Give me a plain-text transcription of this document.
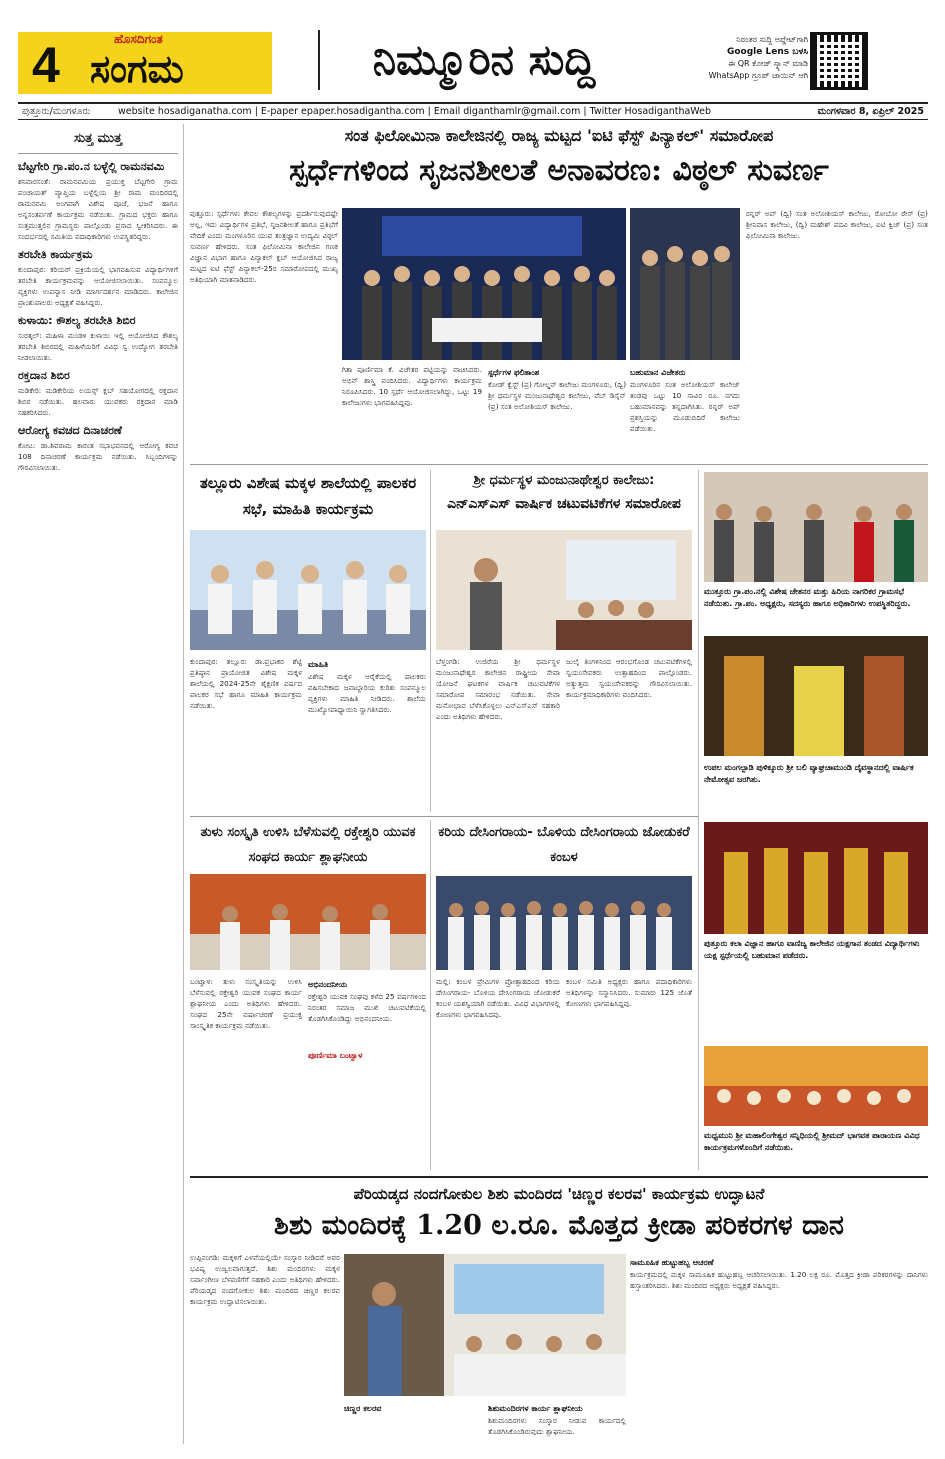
4	ಹೊಸದಿಗಂತ
ಸಂಗಮ	ನಿಮ್ಮೂರಿನ ಸುದ್ದಿ	ನಿರಂತರ ಸುದ್ದಿ ಅಪ್ಡೇಟ್‌ಗಾಗಿ
Google Lens ಬಳಸಿ
ಈ QR ಕೋಡ್ ಸ್ಕ್ಯಾನ್ ಮಾಡಿ
WhatsApp ಗ್ರೂಪ್ ಜಾಯಿನ್ ಆಗಿ
ಪುತ್ತೂರು/ಮಂಗಳೂರು	website hosadiganatha.com | E-paper epaper.hosadigantha.com | Email diganthamlr@gmail.com | Twitter HosadiganthaWeb	ಮಂಗಳವಾರ 8, ಏಪ್ರಿಲ್ 2025
ಸುತ್ತ ಮುತ್ತ
ಬೆಟ್ಟಗೇರಿ ಗ್ರಾ.ಪಂ.ನ ಬಳ್ಳೆಲ್ಲಿ ರಾಮನವಮಿ
ಶನಿವಾರಸಂತೆ: ರಾಮನವಮಿಯ ಪ್ರಯುಕ್ತ ಬೆಟ್ಟಗೇರಿ ಗ್ರಾಮ ಪಂಚಾಯತ್ ವ್ಯಾಪ್ತಿಯ ಬಳ್ಳೆಲ್ಲಿಯ ಶ್ರೀ ರಾಮ ಮಂದಿರದಲ್ಲಿ ರಾಮನವಮಿ ಅಂಗವಾಗಿ ವಿಶೇಷ ಪೂಜೆ, ಭಜನೆ ಹಾಗೂ ಅನ್ನಸಂತರ್ಪಣೆ ಕಾರ್ಯಕ್ರಮ ನಡೆಯಿತು. ಗ್ರಾಮದ ಭಕ್ತರು ಹಾಗೂ ಸುತ್ತಮುತ್ತಲಿನ ಗ್ರಾಮಸ್ಥರು ಪಾಲ್ಗೊಂಡು ಪ್ರಸಾದ ಸ್ವೀಕರಿಸಿದರು. ಈ ಸಂದರ್ಭದಲ್ಲಿ ಸಮಿತಿಯ ಪದಾಧಿಕಾರಿಗಳು ಉಪಸ್ಥಿತರಿದ್ದರು.
ತರಬೇತಿ ಕಾರ್ಯಕ್ರಮ
ಕುಂದಾಪುರ: ಕರಿಯರ್ ಪ್ರಕ್ರಿಯೆಯಲ್ಲಿ ಭಾಗವಹಿಸುವ ವಿದ್ಯಾರ್ಥಿಗಳಿಗೆ ತರಬೇತಿ ಕಾರ್ಯಕ್ರಮವನ್ನು ಆಯೋಜಿಸಲಾಯಿತು. ಸಂಪನ್ಮೂಲ ವ್ಯಕ್ತಿಗಳು ಉಪನ್ಯಾಸ ನೀಡಿ ಮಾರ್ಗದರ್ಶನ ಮಾಡಿದರು. ಕಾಲೇಜಿನ ಪ್ರಾಂಶುಪಾಲರು ಅಧ್ಯಕ್ಷತೆ ವಹಿಸಿದ್ದರು.
ಕುಳಾಯಿ: ಕೌಶಲ್ಯ ತರಬೇತಿ ಶಿಬಿರ
ಸುರತ್ಕಲ್: ಮಹಿಳಾ ಮಂಡಳಿ ಕುಳಾಯಿ ಇಲ್ಲಿ ಆಯೋಜಿಸಿದ ಕೌಶಲ್ಯ ತರಬೇತಿ ಶಿಬಿರದಲ್ಲಿ ಮಹಿಳೆಯರಿಗೆ ವಿವಿಧ ಸ್ವ ಉದ್ಯೋಗ ತರಬೇತಿ ನೀಡಲಾಯಿತು.
ರಕ್ತದಾನ ಶಿಬಿರ
ಮಡಿಕೇರಿ: ಮಡಿಕೇರಿಯ ಲಯನ್ಸ್ ಕ್ಲಬ್ ಸಹಯೋಗದಲ್ಲಿ ರಕ್ತದಾನ ಶಿಬಿರ ನಡೆಯಿತು. ಹಲವಾರು ಯುವಕರು ರಕ್ತದಾನ ಮಾಡಿ ಸಹಕರಿಸಿದರು.
ಆರೋಗ್ಯ ಕವಚದ ದಿನಾಚರಣೆ
ಕೋಟ: ಡಾ.ಶಿವರಾಮ ಕಾರಂತ ಸಭಾಭವನದಲ್ಲಿ ಆರೋಗ್ಯ ಕವಚ 108 ದಿನಾಚರಣೆ ಕಾರ್ಯಕ್ರಮ ನಡೆಯಿತು. ಸಿಬ್ಬಂದಿಗಳನ್ನು ಗೌರವಿಸಲಾಯಿತು.
ಸಂತ ಫಿಲೋಮಿನಾ ಕಾಲೇಜಿನಲ್ಲಿ ರಾಜ್ಯ ಮಟ್ಟದ 'ಐಟಿ ಫೆಸ್ಟ್ ಪಿನ್ಯಾಕಲ್' ಸಮಾರೋಪ
ಸ್ಪರ್ಧೆಗಳಿಂದ ಸೃಜನಶೀಲತೆ ಅನಾವರಣ: ವಿಠ್ಠಲ್ ಸುವರ್ಣ
ಪುತ್ತೂರು: ಸ್ಪರ್ಧೆಗಳು ಕೇವಲ ಕೌಶಲ್ಯಗಳನ್ನು ಪ್ರದರ್ಶಿಸುವುದಷ್ಟೇ ಅಲ್ಲ, ಇದು ವಿದ್ಯಾರ್ಥಿಗಳ ಪ್ರತಿಭೆ, ಸೃಜನಶೀಲತೆ ಹಾಗೂ ಪ್ರತಿಭೆಗೆ ವೇದಿಕೆ ಎಂದು ಮಂಗಳೂರಿನ ಯುವ ತಂತ್ರಜ್ಞಾನ ಉದ್ಯಮಿ ವಿಠ್ಠಲ್ ಸುವರ್ಣ ಹೇಳಿದರು. ಸಂತ ಫಿಲೋಮಿನಾ ಕಾಲೇಜಿನ ಗಣಕ ವಿಜ್ಞಾನ ವಿಭಾಗ ಹಾಗೂ ಪಿನ್ಯಾಕಲ್ ಕ್ಲಬ್ ಆಯೋಜಿಸಿದ ರಾಜ್ಯ ಮಟ್ಟದ ಐಟಿ ಫೆಸ್ಟ್ ಪಿನ್ಯಾಕಲ್-25ರ ಸಮಾರೋಪದಲ್ಲಿ ಮುಖ್ಯ ಅತಿಥಿಯಾಗಿ ಮಾತನಾಡಿದರು.
ಗಿತಾ ಪೂರ್ಣಿಮಾ ಕೆ. ವಿಜೇತರ ಪಟ್ಟಿಯನ್ನು ವಾಚಿಸಿದರು. ಅಭಿನ್ ಶಾಸ್ತ್ರಿ ವಂದಿಸಿದರು. ವಿದ್ಯಾರ್ಥಿಗಳು ಕಾರ್ಯಕ್ರಮ ನಿರೂಪಿಸಿದರು. 10 ಸ್ಪರ್ಧೆ ಆಯೋಜಿಸಲಾಗಿದ್ದು, ಒಟ್ಟು 19 ಕಾಲೇಜುಗಳು ಭಾಗವಹಿಸಿದ್ದವು.
ಸ್ಪರ್ಧೆಗಳ ಫಲಿತಾಂಶ
ಕೋಡ್ ಕ್ವೆಸ್ಟ್ (ಪ್ರ) ಗೋಲ್ಡನ್ ಕಾಲೇಜು ಮಂಗಳೂರು, (ದ್ವಿ) ಶ್ರೀ ಧರ್ಮಸ್ಥಳ ಮಂಜುನಾಥೇಶ್ವರ ಕಾಲೇಜು, ವೆಬ್ ಡಿಸೈನ್ (ಪ್ರ) ಸಂತ ಅಲೋಶಿಯಸ್ ಕಾಲೇಜು.
ಬಹುಮಾನ ವಿಜೇತರು
ಮಂಗಳೂರಿನ ಸಂತ ಅಲೋಶಿಯಸ್ ಕಾಲೇಜ್ ತಂಡವು ಒಟ್ಟು 10 ಸಾವಿರ ರೂ. ನಗದು ಬಹುಮಾನವನ್ನು ತನ್ನದಾಗಿಸಿತು. ರನ್ನರ್ ಅಪ್ ಪ್ರಶಸ್ತಿಯನ್ನು ಮೂಡುಬಿದಿರೆ ಕಾಲೇಜು ಪಡೆಯಿತು.
ರನ್ನರ್ ಅಪ್ (ದ್ವಿ) ಸಂತ ಅಲೋಶಿಯಸ್ ಕಾಲೇಜು, ರೋಬೋ ರೇಸ್ (ಪ್ರ) ಶ್ರೀನಿವಾಸ ಕಾಲೇಜು, (ದ್ವಿ) ಮಹೇಶ್ ಪದವಿ ಕಾಲೇಜು, ಐಟಿ ಕ್ವಿಜ್ (ಪ್ರ) ಸಂತ ಫಿಲೋಮಿನಾ ಕಾಲೇಜು.
ತಲ್ಲೂರು ವಿಶೇಷ ಮಕ್ಕಳ ಶಾಲೆಯಲ್ಲಿ ಪಾಲಕರ ಸಭೆ, ಮಾಹಿತಿ ಕಾರ್ಯಕ್ರಮ
ಕುಂದಾಪುರ: ತಲ್ಲೂರು ಡಾ.ಪ್ರಭಾಕರ ಶೆಟ್ಟಿ ಪ್ರತಿಷ್ಠಾನ ಪ್ರಾಯೋಜಿತ ವಿಶೇಷ ಮಕ್ಕಳ ಶಾಲೆಯಲ್ಲಿ 2024-25ನೇ ಶೈಕ್ಷಣಿಕ ವರ್ಷದ ಪಾಲಕರ ಸಭೆ ಹಾಗೂ ಮಾಹಿತಿ ಕಾರ್ಯಕ್ರಮ ನಡೆಯಿತು.
ಮಾಹಿತಿ
ವಿಶೇಷ ಮಕ್ಕಳ ಆರೈಕೆಯಲ್ಲಿ ಪಾಲಕರು ವಹಿಸಬೇಕಾದ ಜವಾಬ್ದಾರಿಯ ಕುರಿತು ಸಂಪನ್ಮೂಲ ವ್ಯಕ್ತಿಗಳು ಮಾಹಿತಿ ನೀಡಿದರು. ಶಾಲೆಯ ಮುಖ್ಯೋಪಾಧ್ಯಾಯಿನಿ ಸ್ವಾಗತಿಸಿದರು.
ಶ್ರೀ ಧರ್ಮಸ್ಥಳ ಮಂಜುನಾಥೇಶ್ವರ ಕಾಲೇಜು:
ಎನ್ಎಸ್ಎಸ್ ವಾರ್ಷಿಕ ಚಟುವಟಿಕೆಗಳ ಸಮಾರೋಪ
ಬೆಳ್ತಂಗಡಿ: ಉಜಿರೆಯ ಶ್ರೀ ಧರ್ಮಸ್ಥಳ ಮಂಜುನಾಥೇಶ್ವರ ಕಾಲೇಜಿನ ರಾಷ್ಟ್ರೀಯ ಸೇವಾ ಯೋಜನೆ ಘಟಕಗಳ ವಾರ್ಷಿಕ ಚಟುವಟಿಕೆಗಳ ಸಮಾರೋಪ ಸಮಾರಂಭ ನಡೆಯಿತು. ಸೇವಾ ಮನೋಭಾವ ಬೆಳೆಸಿಕೊಳ್ಳಲು ಎನ್ಎಸ್ಎಸ್ ಸಹಕಾರಿ ಎಂದು ಅತಿಥಿಗಳು ಹೇಳಿದರು.
ಜುಲೈ ತಿಂಗಳಿನಿಂದ ಆರಂಭಗೊಂಡ ಚಟುವಟಿಕೆಗಳಲ್ಲಿ ಸ್ವಯಂಸೇವಕರು ಉತ್ಸಾಹದಿಂದ ಪಾಲ್ಗೊಂಡರು. ಅತ್ಯುತ್ತಮ ಸ್ವಯಂಸೇವಕರನ್ನು ಗೌರವಿಸಲಾಯಿತು. ಕಾರ್ಯಕ್ರಮಾಧಿಕಾರಿಗಳು ವಂದಿಸಿದರು.
ಮುತ್ತೂರು ಗ್ರಾ.ಪಂ.ನಲ್ಲಿ ವಿಶೇಷ ಚೇತನರ ಮತ್ತು ಹಿರಿಯ ನಾಗರಿಕರ ಗ್ರಾಮಸಭೆ ನಡೆಯಿತು. ಗ್ರಾ.ಪಂ. ಅಧ್ಯಕ್ಷರು, ಸದಸ್ಯರು ಹಾಗೂ ಅಧಿಕಾರಿಗಳು ಉಪಸ್ಥಿತರಿದ್ದರು.
ಉಪಲ ಮಂಗಲ್ಪಾಡಿ ಪುಳಿಕ್ಕೂರು ಶ್ರೀ ಬಲಿ ವ್ಯಾಘ್ರಚಾಮುಂಡಿ ದೈವಸ್ಥಾನದಲ್ಲಿ ವಾರ್ಷಿಕ ನೇಮೋತ್ಸವ ಜರಗಿತು.
ತುಳು ಸಂಸ್ಕೃತಿ ಉಳಿಸಿ ಬೆಳೆಸುವಲ್ಲಿ ರಕ್ತೇಶ್ವರಿ ಯುವಕ ಸಂಘದ ಕಾರ್ಯ ಶ್ಲಾಘನೀಯ
ಬಂಟ್ವಾಳ: ತುಳು ಸಂಸ್ಕೃತಿಯನ್ನು ಉಳಿಸಿ ಬೆಳೆಸುವಲ್ಲಿ ರಕ್ತೇಶ್ವರಿ ಯುವಕ ಸಂಘದ ಕಾರ್ಯ ಶ್ಲಾಘನೀಯ ಎಂದು ಅತಿಥಿಗಳು ಹೇಳಿದರು. ಸಂಘದ 25ನೇ ವರ್ಷಾಚರಣೆ ಪ್ರಯುಕ್ತ ಸಾಂಸ್ಕೃತಿಕ ಕಾರ್ಯಕ್ರಮ ನಡೆಯಿತು.
ಅಭಿನಂದನೀಯ
ರಕ್ತೇಶ್ವರಿ ಯುವಕ ಸಂಘವು ಕಳೆದ 25 ವರ್ಷಗಳಿಂದ ನಿರಂತರ ಸಮಾಜ ಮುಖಿ ಚಟುವಟಿಕೆಯಲ್ಲಿ ತೊಡಗಿಸಿಕೊಂಡಿದ್ದು ಅಭಿನಂದನೀಯ.
ಪೂರ್ಣಿಮಾ ಬಂಟ್ವಾಳ
ಕರಿಯ ದೇಸಿಂಗರಾಯ- ಬೊಳಿಯ ದೇಸಿಂಗರಾಯ ಜೋಡುಕರೆ ಕಂಬಳ
ಮಲ್ಲಿ: ಕಂಬಳ ಪ್ರೇಮಿಗಳ ಪ್ರೋತ್ಸಾಹದಿಂದ ಕರಿಯ ದೇಸಿಂಗರಾಯ- ಬೊಳಿಯ ದೇಸಿಂಗರಾಯ ಜೋಡುಕರೆ ಕಂಬಳ ಯಶಸ್ವಿಯಾಗಿ ನಡೆಯಿತು. ವಿವಿಧ ವಿಭಾಗಗಳಲ್ಲಿ ಕೋಣಗಳು ಭಾಗವಹಿಸಿದವು.
ಕಂಬಳ ಸಮಿತಿ ಅಧ್ಯಕ್ಷರು ಹಾಗೂ ಪದಾಧಿಕಾರಿಗಳು ಅತಿಥಿಗಳನ್ನು ಸನ್ಮಾನಿಸಿದರು. ಸುಮಾರು 125 ಜೊತೆ ಕೋಣಗಳು ಭಾಗವಹಿಸಿದ್ದವು.
ಪುತ್ತೂರು ಕಲಾ ವಿಜ್ಞಾನ ಹಾಗೂ ವಾಣಿಜ್ಯ ಕಾಲೇಜಿನ ಯಕ್ಷಗಾನ ತಂಡದ ವಿದ್ಯಾರ್ಥಿಗಳು ಯಕ್ಷ ಸ್ಪರ್ಧೆಯಲ್ಲಿ ಬಹುಮಾನ ಪಡೆದರು.
ಮಧ್ವಮುನಿ ಶ್ರೀ ಮಹಾಲಿಂಗೇಶ್ವರ ಸನ್ನಿಧಿಯಲ್ಲಿ ಶ್ರೀಮದ್ ಭಾಗವತ ಪಾರಾಯಣ ವಿವಿಧ ಕಾರ್ಯಕ್ರಮಗಳೊಂದಿಗೆ ನಡೆಯಿತು.
ಪೆರಿಯಡ್ಕದ ನಂದಗೋಕುಲ ಶಿಶು ಮಂದಿರದ 'ಚಿಣ್ಣರ ಕಲರವ' ಕಾರ್ಯಕ್ರಮ ಉದ್ಘಾಟನೆ
ಶಿಶು ಮಂದಿರಕ್ಕೆ 1.20 ಲ.ರೂ. ಮೊತ್ತದ ಕ್ರೀಡಾ ಪರಿಕರಗಳ ದಾನ
ಉಪ್ಪಿನಂಗಡಿ: ಮಕ್ಕಳಿಗೆ ಎಳವೆಯಲ್ಲಿಯೇ ಸಂಸ್ಕಾರ ನೀಡಿದರೆ ಅವರ ಭವಿಷ್ಯ ಉಜ್ವಲವಾಗುತ್ತದೆ. ಶಿಶು ಮಂದಿರಗಳು ಮಕ್ಕಳ ಸರ್ವಾಂಗೀಣ ಬೆಳವಣಿಗೆಗೆ ಸಹಕಾರಿ ಎಂದು ಅತಿಥಿಗಳು ಹೇಳಿದರು. ಪೆರಿಯಡ್ಕದ ನಂದಗೋಕುಲ ಶಿಶು ಮಂದಿರದ ಚಿಣ್ಣರ ಕಲರವ ಕಾರ್ಯಕ್ರಮ ಉದ್ಘಾಟಿಸಲಾಯಿತು.
ಚಿಣ್ಣರ ಕಲರವ	ಶಿಶುಮಂದಿರಗಳ ಕಾರ್ಯ ಶ್ಲಾಘನೀಯ
ಶಿಶುಮಂದಿರಗಳು ಸಂಸ್ಕಾರ ನೀಡುವ ಕಾರ್ಯದಲ್ಲಿ ತೊಡಗಿಸಿಕೊಂಡಿರುವುದು ಶ್ಲಾಘನೀಯ.
ಸಾಮೂಹಿಕ ಹುಟ್ಟುಹಬ್ಬ ಆಚರಣೆ
ಕಾರ್ಯಕ್ರಮದಲ್ಲಿ ಮಕ್ಕಳ ಸಾಮೂಹಿಕ ಹುಟ್ಟುಹಬ್ಬ ಆಚರಿಸಲಾಯಿತು. 1.20 ಲಕ್ಷ ರೂ. ಮೊತ್ತದ ಕ್ರೀಡಾ ಪರಿಕರಗಳನ್ನು ದಾನಿಗಳು ಹಸ್ತಾಂತರಿಸಿದರು. ಶಿಶು ಮಂದಿರದ ಅಧ್ಯಕ್ಷರು ಅಧ್ಯಕ್ಷತೆ ವಹಿಸಿದ್ದರು.
